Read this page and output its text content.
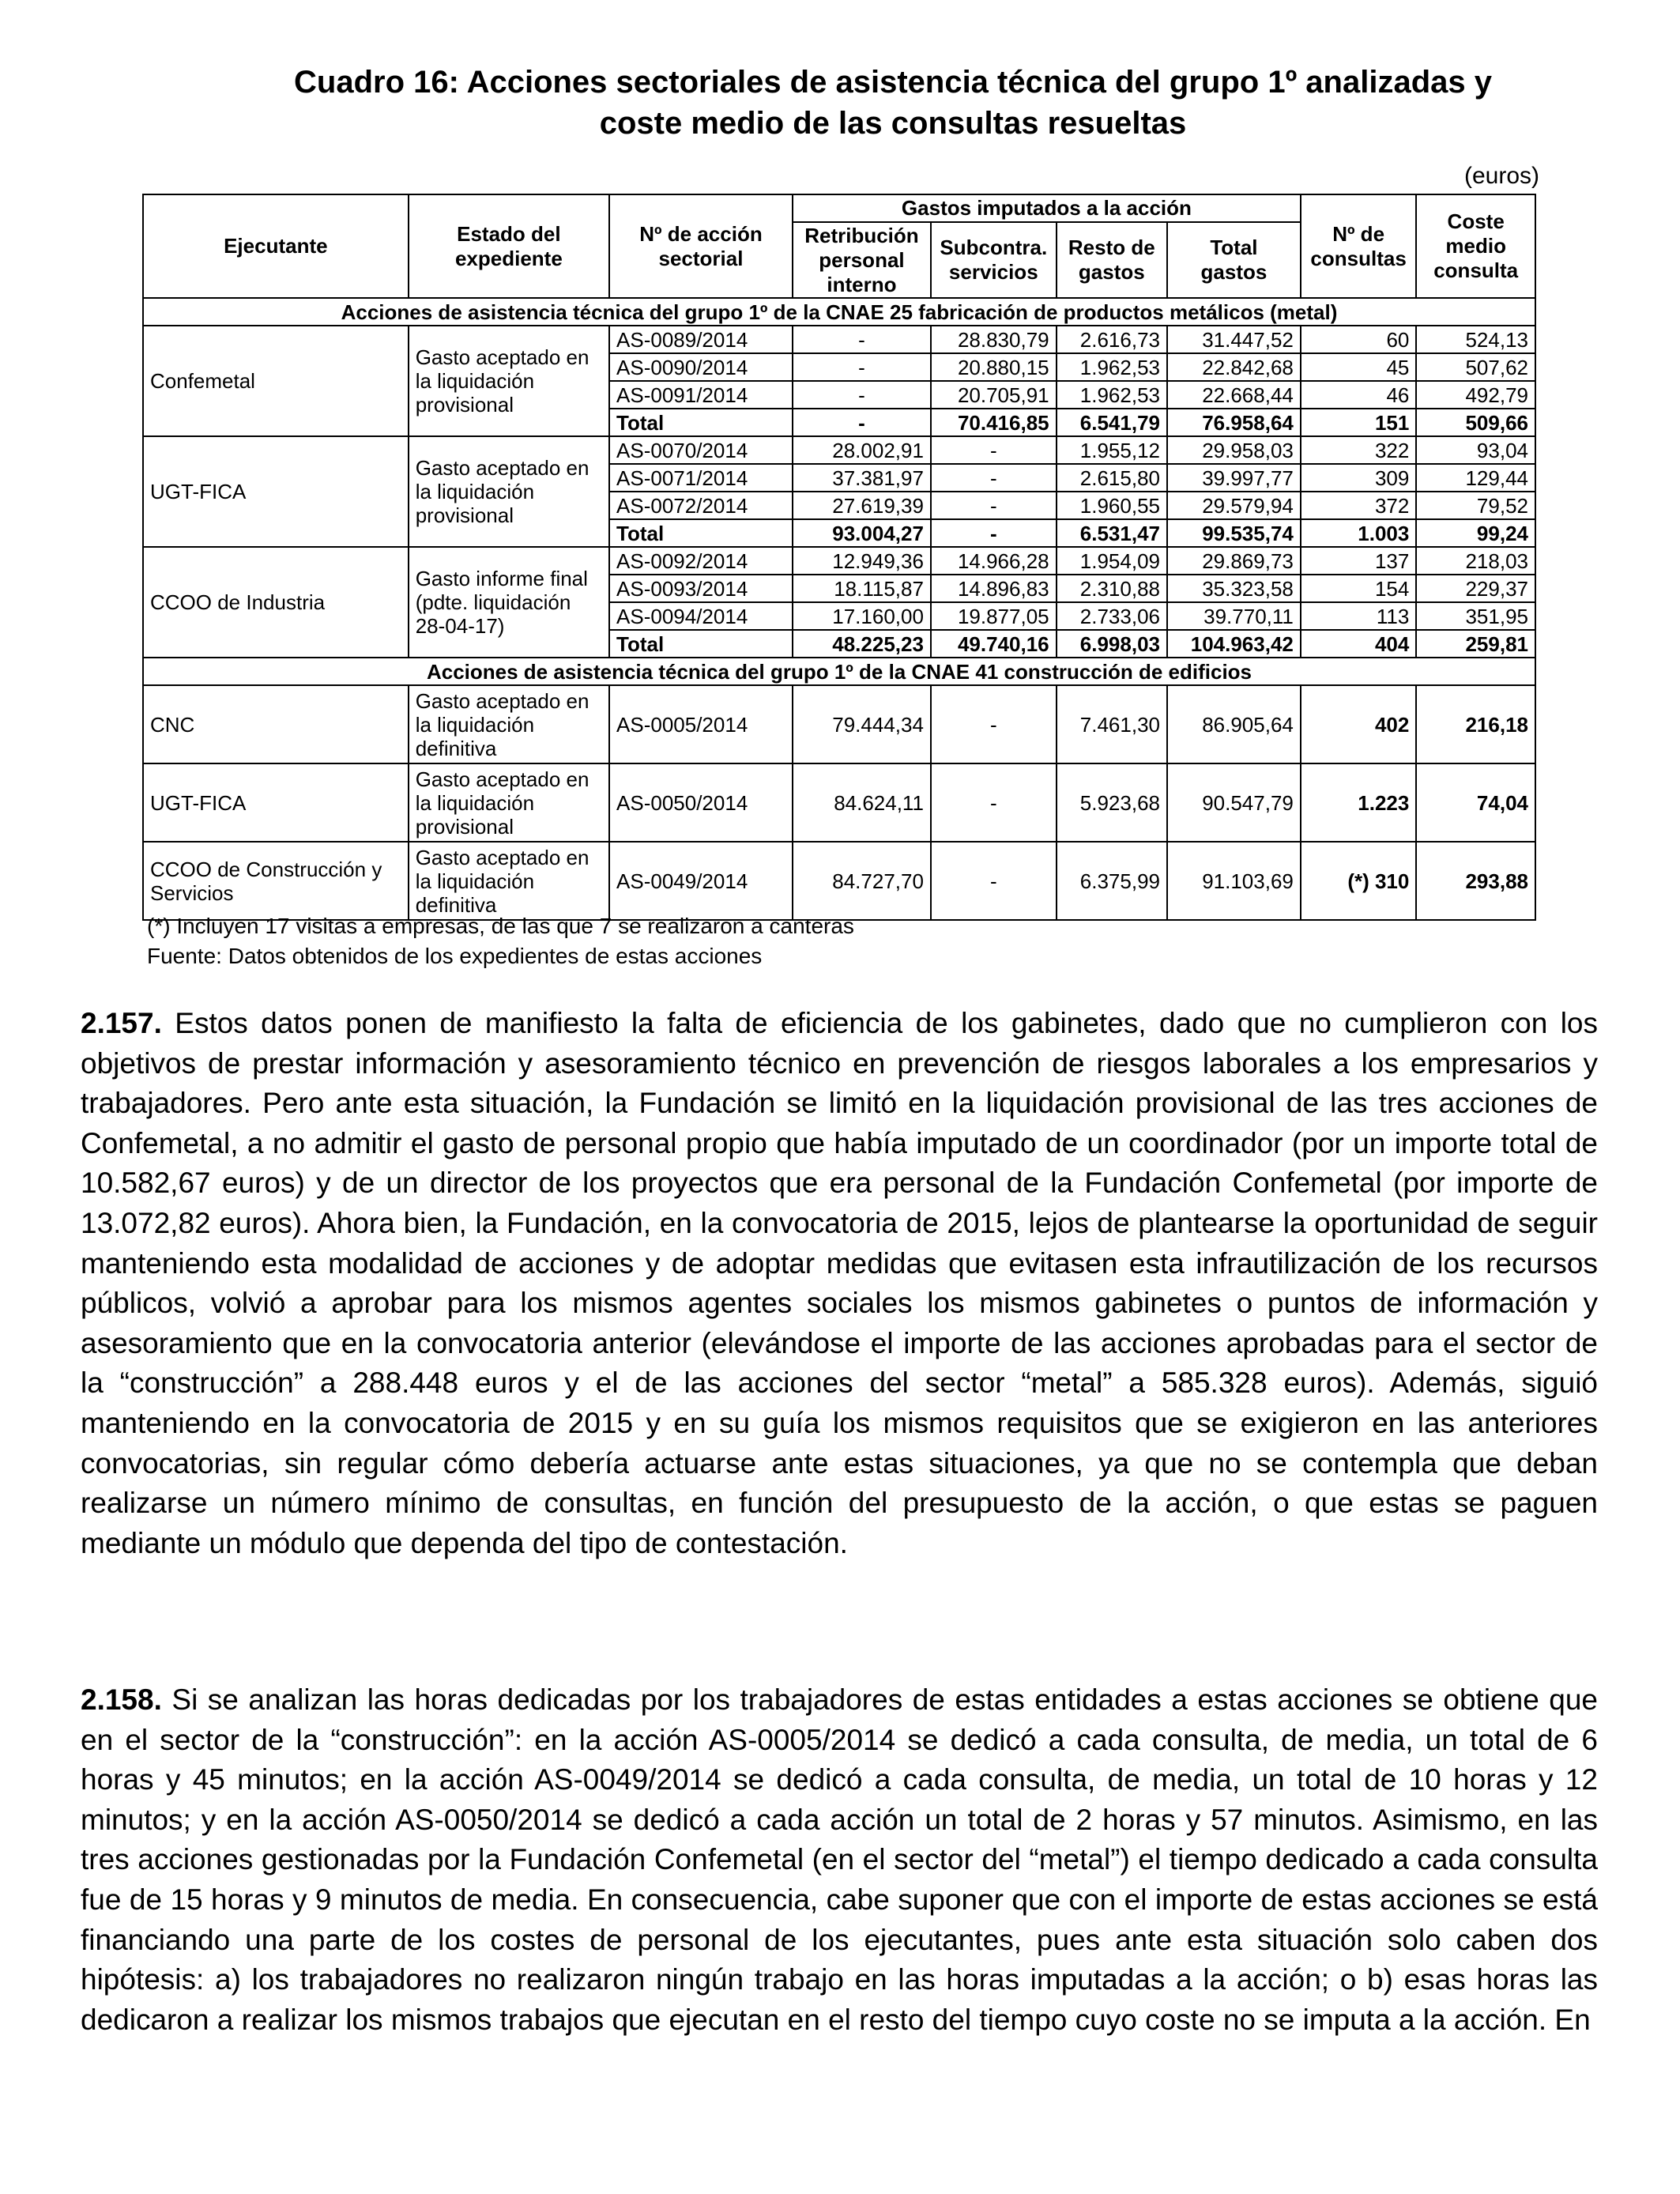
Cuadro 16: Acciones sectoriales de asistencia técnica del grupo 1º analizadas y
coste medio de las consultas resueltas
(euros)
Ejecutante	Estado del expediente	Nº de acción sectorial	Gastos imputados a la acción				Nº de consultas	Coste medio consulta
			Retribución personal interno	Subcontra. servicios	Resto de gastos	Total gastos		
Acciones de asistencia técnica del grupo 1º de la CNAE 25 fabricación de productos metálicos (metal)								
Confemetal	Gasto aceptado en la liquidación provisional	AS-0089/2014	-	28.830,79	2.616,73	31.447,52	60	524,13
		AS-0090/2014	-	20.880,15	1.962,53	22.842,68	45	507,62
		AS-0091/2014	-	20.705,91	1.962,53	22.668,44	46	492,79
		Total	-	70.416,85	6.541,79	76.958,64	151	509,66
UGT-FICA	Gasto aceptado en la liquidación provisional	AS-0070/2014	28.002,91	-	1.955,12	29.958,03	322	93,04
		AS-0071/2014	37.381,97	-	2.615,80	39.997,77	309	129,44
		AS-0072/2014	27.619,39	-	1.960,55	29.579,94	372	79,52
		Total	93.004,27	-	6.531,47	99.535,74	1.003	99,24
CCOO de Industria	Gasto informe final (pdte. liquidación 28-04-17)	AS-0092/2014	12.949,36	14.966,28	1.954,09	29.869,73	137	218,03
		AS-0093/2014	18.115,87	14.896,83	2.310,88	35.323,58	154	229,37
		AS-0094/2014	17.160,00	19.877,05	2.733,06	39.770,11	113	351,95
		Total	48.225,23	49.740,16	6.998,03	104.963,42	404	259,81
Acciones de asistencia técnica del grupo 1º de la CNAE 41 construcción de edificios								
CNC	Gasto aceptado en la liquidación definitiva	AS-0005/2014	79.444,34	-	7.461,30	86.905,64	402	216,18
UGT-FICA	Gasto aceptado en la liquidación provisional	AS-0050/2014	84.624,11	-	5.923,68	90.547,79	1.223	74,04
CCOO de Construcción y Servicios	Gasto aceptado en la liquidación definitiva	AS-0049/2014	84.727,70	-	6.375,99	91.103,69	(*) 310	293,88
(*) Incluyen 17 visitas a empresas, de las que 7 se realizaron a canteras
Fuente: Datos obtenidos de los expedientes de estas acciones
2.157. Estos datos ponen de manifiesto la falta de eficiencia de los gabinetes, dado que no cumplieron con los objetivos de prestar información y asesoramiento técnico en prevención de riesgos laborales a los empresarios y trabajadores. Pero ante esta situación, la Fundación se limitó en la liquidación provisional de las tres acciones de Confemetal, a no admitir el gasto de personal propio que había imputado de un coordinador (por un importe total de 10.582,67 euros) y de un director de los proyectos que era personal de la Fundación Confemetal (por importe de 13.072,82 euros). Ahora bien, la Fundación, en la convocatoria de 2015, lejos de plantearse la oportunidad de seguir manteniendo esta modalidad de acciones y de adoptar medidas que evitasen esta infrautilización de los recursos públicos, volvió a aprobar para los mismos agentes sociales los mismos gabinetes o puntos de información y asesoramiento que en la convocatoria anterior (elevándose el importe de las acciones aprobadas para el sector de la “construcción” a 288.448 euros y el de las acciones del sector “metal” a 585.328 euros). Además, siguió manteniendo en la convocatoria de 2015 y en su guía los mismos requisitos que se exigieron en las anteriores convocatorias, sin regular cómo debería actuarse ante estas situaciones, ya que no se contempla que deban realizarse un número mínimo de consultas, en función del presupuesto de la acción, o que estas se paguen mediante un módulo que dependa del tipo de contestación.
2.158. Si se analizan las horas dedicadas por los trabajadores de estas entidades a estas acciones se obtiene que en el sector de la “construcción”: en la acción AS-0005/2014 se dedicó a cada consulta, de media, un total de 6 horas y 45 minutos; en la acción AS-0049/2014 se dedicó a cada consulta, de media, un total de 10 horas y 12 minutos; y en la acción AS-0050/2014 se dedicó a cada acción un total de 2 horas y 57 minutos. Asimismo, en las tres acciones gestionadas por la Fundación Confemetal (en el sector del “metal”) el tiempo dedicado a cada consulta fue de 15 horas y 9 minutos de media. En consecuencia, cabe suponer que con el importe de estas acciones se está financiando una parte de los costes de personal de los ejecutantes, pues ante esta situación solo caben dos hipótesis: a) los trabajadores no realizaron ningún trabajo en las horas imputadas a la acción; o b) esas horas las dedicaron a realizar los mismos trabajos que ejecutan en el resto del tiempo cuyo coste no se imputa a la acción. En
